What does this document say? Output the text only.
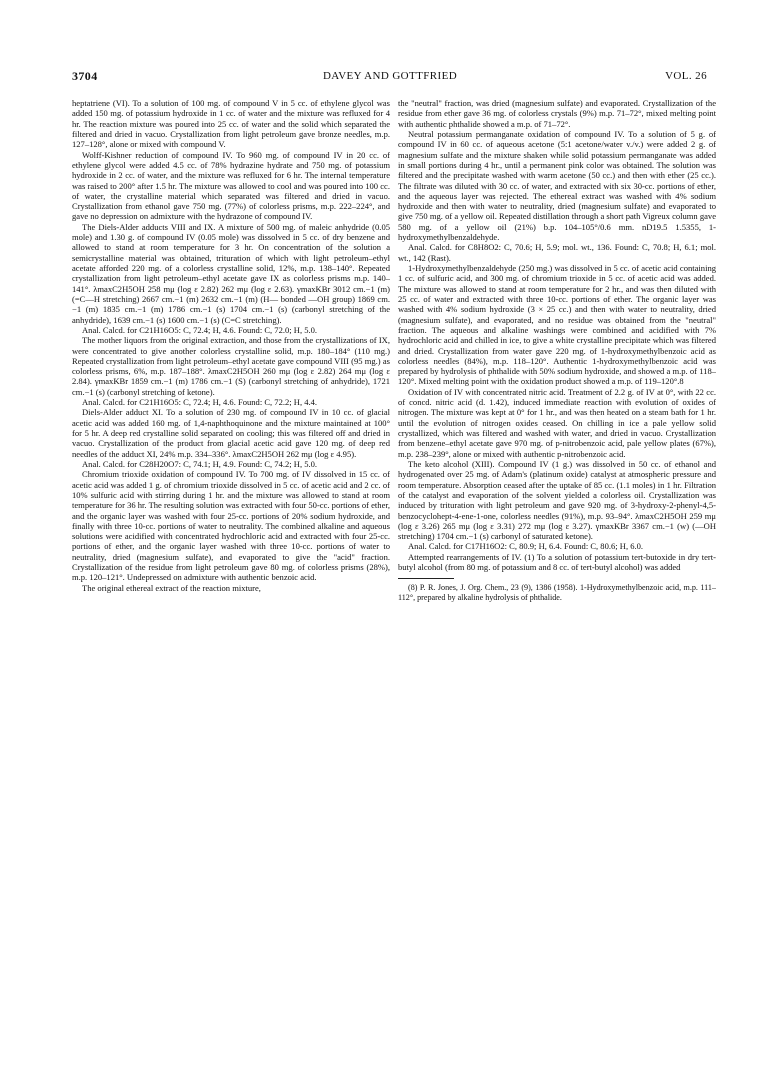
3704	DAVEY AND GOTTFRIED	VOL. 26

heptatriene (VI). To a solution of 100 mg. of compound V in 5 cc. of ethylene glycol was added 150 mg. of potassium hydroxide in 1 cc. of water and the mixture was refluxed for 4 hr. The reaction mixture was poured into 25 cc. of water and the solid which separated the filtered and dried in vacuo. Crystallization from light petroleum gave bronze needles, m.p. 127–128°, alone or mixed with compound V.

Wolff-Kishner reduction of compound IV. To 960 mg. of compound IV in 20 cc. of ethylene glycol were added 4.5 cc. of 78% hydrazine hydrate and 750 mg. of potassium hydroxide in 2 cc. of water, and the mixture was refluxed for 6 hr. The internal temperature was raised to 200° after 1.5 hr. The mixture was allowed to cool and was poured into 100 cc. of water, the crystalline material which separated was filtered and dried in vacuo. Crystallization from ethanol gave 750 mg. (77%) of colorless prisms, m.p. 222–224°, and gave no depression on admixture with the hydrazone of compound IV.

The Diels-Alder adducts VIII and IX. A mixture of 500 mg. of maleic anhydride (0.05 mole) and 1.30 g. of compound IV (0.05 mole) was dissolved in 5 cc. of dry benzene and allowed to stand at room temperature for 3 hr. On concentration of the solution a semicrystalline material was obtained, trituration of which with light petroleum–ethyl acetate afforded 220 mg. of a colorless crystalline solid, 12%, m.p. 138–140°. Repeated crystallization from light petroleum–ethyl acetate gave IX as colorless prisms m.p. 140–141°. λmaxC2H5OH 258 mμ (log ε 2.82) 262 mμ (log ε 2.63). γmaxKBr 3012 cm.−1 (m) (=C—H stretching) 2667 cm.−1 (m) 2632 cm.−1 (m) (H— bonded —OH group) 1869 cm.−1 (m) 1835 cm.−1 (m) 1786 cm.−1 (s) 1704 cm.−1 (s) (carbonyl stretching of the anhydride), 1639 cm.−1 (s) 1600 cm.−1 (s) (C=C stretching).

Anal. Calcd. for C21H16O5: C, 72.4; H, 4.6. Found: C, 72.0; H, 5.0.

The mother liquors from the original extraction, and those from the crystallizations of IX, were concentrated to give another colorless crystalline solid, m.p. 180–184° (110 mg.) Repeated crystallization from light petroleum–ethyl acetate gave compound VIII (95 mg.) as colorless prisms, 6%, m.p. 187–188°. λmaxC2H5OH 260 mμ (log ε 2.82) 264 mμ (log ε 2.84). γmaxKBr 1859 cm.−1 (m) 1786 cm.−1 (S) (carbonyl stretching of anhydride), 1721 cm.−1 (s) (carbonyl stretching of ketone).

Anal. Calcd. for C21H16O5: C, 72.4; H, 4.6. Found: C, 72.2; H, 4.4.

Diels-Alder adduct XI. To a solution of 230 mg. of compound IV in 10 cc. of glacial acetic acid was added 160 mg. of 1,4-naphthoquinone and the mixture maintained at 100° for 5 hr. A deep red crystalline solid separated on cooling; this was filtered off and dried in vacuo. Crystallization of the product from glacial acetic acid gave 120 mg. of deep red needles of the adduct XI, 24% m.p. 334–336°. λmaxC2H5OH 262 mμ (log ε 4.95).

Anal. Calcd. for C28H20O7: C, 74.1; H, 4.9. Found: C, 74.2; H, 5.0.

Chromium trioxide oxidation of compound IV. To 700 mg. of IV dissolved in 15 cc. of acetic acid was added 1 g. of chromium trioxide dissolved in 5 cc. of acetic acid and 2 cc. of 10% sulfuric acid with stirring during 1 hr. and the mixture was allowed to stand at room temperature for 36 hr. The resulting solution was extracted with four 50-cc. portions of ether, and the organic layer was washed with four 25-cc. portions of 20% sodium hydroxide, and finally with three 10-cc. portions of water to neutrality. The combined alkaline and aqueous solutions were acidified with concentrated hydrochloric acid and extracted with four 25-cc. portions of ether, and the organic layer washed with three 10-cc. portions of water to neutrality, dried (magnesium sulfate), and evaporated to give the "acid" fraction. Crystallization of the residue from light petroleum gave 80 mg. of colorless prisms (28%), m.p. 120–121°. Undepressed on admixture with authentic benzoic acid.

The original ethereal extract of the reaction mixture,

the "neutral" fraction, was dried (magnesium sulfate) and evaporated. Crystallization of the residue from ether gave 36 mg. of colorless crystals (9%) m.p. 71–72°, mixed melting point with authentic phthalide showed a m.p. of 71–72°.

Neutral potassium permanganate oxidation of compound IV. To a solution of 5 g. of compound IV in 60 cc. of aqueous acetone (5:1 acetone/water v./v.) were added 2 g. of magnesium sulfate and the mixture shaken while solid potassium permanganate was added in small portions during 4 hr., until a permanent pink color was obtained. The solution was filtered and the precipitate washed with warm acetone (50 cc.) and then with ether (25 cc.). The filtrate was diluted with 30 cc. of water, and extracted with six 30-cc. portions of ether, and the aqueous layer was rejected. The ethereal extract was washed with 4% sodium hydroxide and then with water to neutrality, dried (magnesium sulfate) and evaporated to give 750 mg. of a yellow oil. Repeated distillation through a short path Vigreux column gave 580 mg. of a yellow oil (21%) b.p. 104–105°/0.6 mm. nD19.5 1.5355, 1-hydroxymethylbenzaldehyde.

Anal. Calcd. for C8H8O2: C, 70.6; H, 5.9; mol. wt., 136. Found: C, 70.8; H, 6.1; mol. wt., 142 (Rast).

1-Hydroxymethylbenzaldehyde (250 mg.) was dissolved in 5 cc. of acetic acid containing 1 cc. of sulfuric acid, and 300 mg. of chromium trioxide in 5 cc. of acetic acid was added. The mixture was allowed to stand at room temperature for 2 hr., and was then diluted with 25 cc. of water and extracted with three 10-cc. portions of ether. The organic layer was washed with 4% sodium hydroxide (3 × 25 cc.) and then with water to neutrality, dried (magnesium sulfate), and evaporated, and no residue was obtained from the "neutral" fraction. The aqueous and alkaline washings were combined and acidified with 7% hydrochloric acid and chilled in ice, to give a white crystalline precipitate which was filtered and dried. Crystallization from water gave 220 mg. of 1-hydroxymethylbenzoic acid as colorless needles (84%), m.p. 118–120°. Authentic 1-hydroxymethylbenzoic acid was prepared by hydrolysis of phthalide with 50% sodium hydroxide, and showed a m.p. of 118–120°. Mixed melting point with the oxidation product showed a m.p. of 119–120°.8

Oxidation of IV with concentrated nitric acid. Treatment of 2.2 g. of IV at 0°, with 22 cc. of concd. nitric acid (d. 1.42), induced immediate reaction with evolution of oxides of nitrogen. The mixture was kept at 0° for 1 hr., and was then heated on a steam bath for 1 hr. until the evolution of nitrogen oxides ceased. On chilling in ice a pale yellow solid crystallized, which was filtered and washed with water, and dried in vacuo. Crystallization from benzene–ethyl acetate gave 970 mg. of p-nitrobenzoic acid, pale yellow plates (67%), m.p. 238–239°, alone or mixed with authentic p-nitrobenzoic acid.

The keto alcohol (XIII). Compound IV (1 g.) was dissolved in 50 cc. of ethanol and hydrogenated over 25 mg. of Adam's (platinum oxide) catalyst at atmospheric pressure and room temperature. Absorption ceased after the uptake of 85 cc. (1.1 moles) in 1 hr. Filtration of the catalyst and evaporation of the solvent yielded a colorless oil. Crystallization was induced by trituration with light petroleum and gave 920 mg. of 3-hydroxy-2-phenyl-4,5-benzocyclohept-4-ene-1-one, colorless needles (91%), m.p. 93–94°. λmaxC2H5OH 259 mμ (log ε 3.26) 265 mμ (log ε 3.31) 272 mμ (log ε 3.27). γmaxKBr 3367 cm.−1 (w) (—OH stretching) 1704 cm.−1 (s) carbonyl of saturated ketone).

Anal. Calcd. for C17H16O2: C, 80.9; H, 6.4. Found: C, 80.6; H, 6.0.

Attempted rearrangements of IV. (1) To a solution of potassium tert-butoxide in dry tert-butyl alcohol (from 80 mg. of potassium and 8 cc. of tert-butyl alcohol) was added

(8) P. R. Jones, J. Org. Chem., 23 (9), 1386 (1958). 1-Hydroxymethylbenzoic acid, m.p. 111–112°, prepared by alkaline hydrolysis of phthalide.
